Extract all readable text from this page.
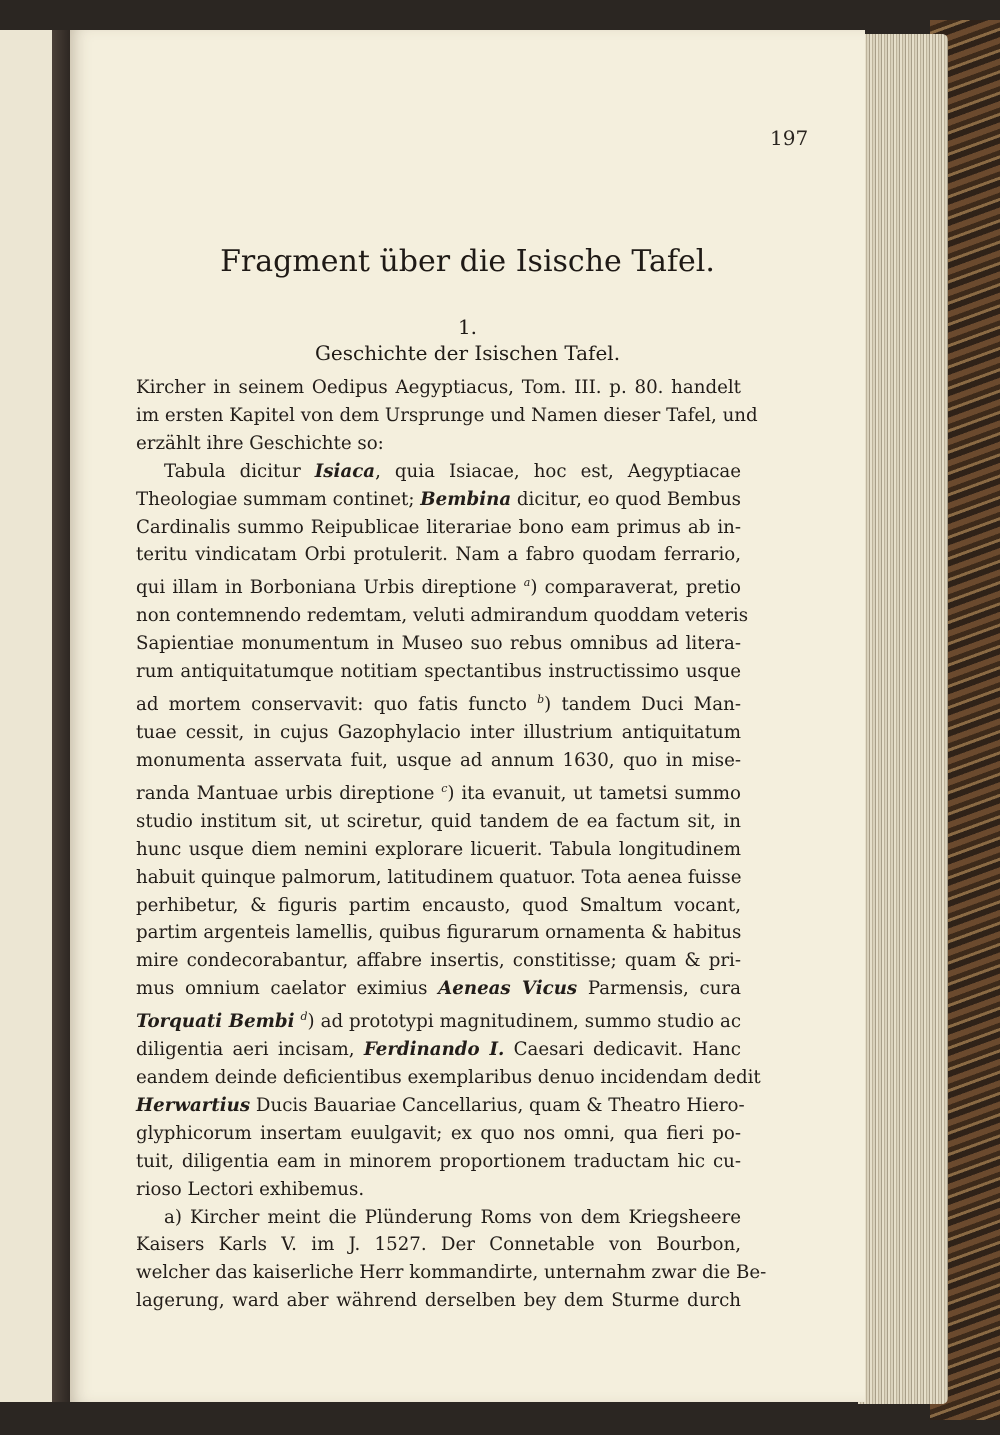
197
Fragment über die Isische Tafel.
1.
Geschichte der Isischen Tafel.
Kircher in seinem Oedipus Aegyptiacus, Tom. III. p. 80. handelt
im ersten Kapitel von dem Ursprunge und Namen dieser Tafel, und
erzählt ihre Geschichte so:
Tabula dicitur Isiaca, quia Isiacae, hoc est, Aegyptiacae
Theologiae summam continet; Bembina dicitur, eo quod Bembus
Cardinalis summo Reipublicae literariae bono eam primus ab in-
teritu vindicatam Orbi protulerit. Nam a fabro quodam ferrario,
qui illam in Borboniana Urbis direptione $^a$) comparaverat, pretio
non contemnendo redemtam, veluti admirandum quoddam veteris
Sapientiae monumentum in Museo suo rebus omnibus ad litera-
rum antiquitatumque notitiam spectantibus instructissimo usque
ad mortem conservavit: quo fatis functo $^b$) tandem Duci Man-
tuae cessit, in cujus Gazophylacio inter illustrium antiquitatum
monumenta asservata fuit, usque ad annum 1630, quo in mise-
randa Mantuae urbis direptione $^c$) ita evanuit, ut tametsi summo
studio institum sit, ut sciretur, quid tandem de ea factum sit, in
hunc usque diem nemini explorare licuerit. Tabula longitudinem
habuit quinque palmorum, latitudinem quatuor. Tota aenea fuisse
perhibetur, & figuris partim encausto, quod Smaltum vocant,
partim argenteis lamellis, quibus figurarum ornamenta & habitus
mire condecorabantur, affabre insertis, constitisse; quam & pri-
mus omnium caelator eximius Aeneas Vicus Parmensis, cura
Torquati Bembi $^d$) ad prototypi magnitudinem, summo studio ac
diligentia aeri incisam, Ferdinando I. Caesari dedicavit. Hanc
eandem deinde deficientibus exemplaribus denuo incidendam dedit
Herwartius Ducis Bauariae Cancellarius, quam & Theatro Hiero-
glyphicorum insertam euulgavit; ex quo nos omni, qua fieri po-
tuit, diligentia eam in minorem proportionem traductam hic cu-
rioso Lectori exhibemus.
a) Kircher meint die Plünderung Roms von dem Kriegsheere
Kaisers Karls V. im J. 1527. Der Connetable von Bourbon,
welcher das kaiserliche Herr kommandirte, unternahm zwar die Be-
lagerung, ward aber während derselben bey dem Sturme durch
